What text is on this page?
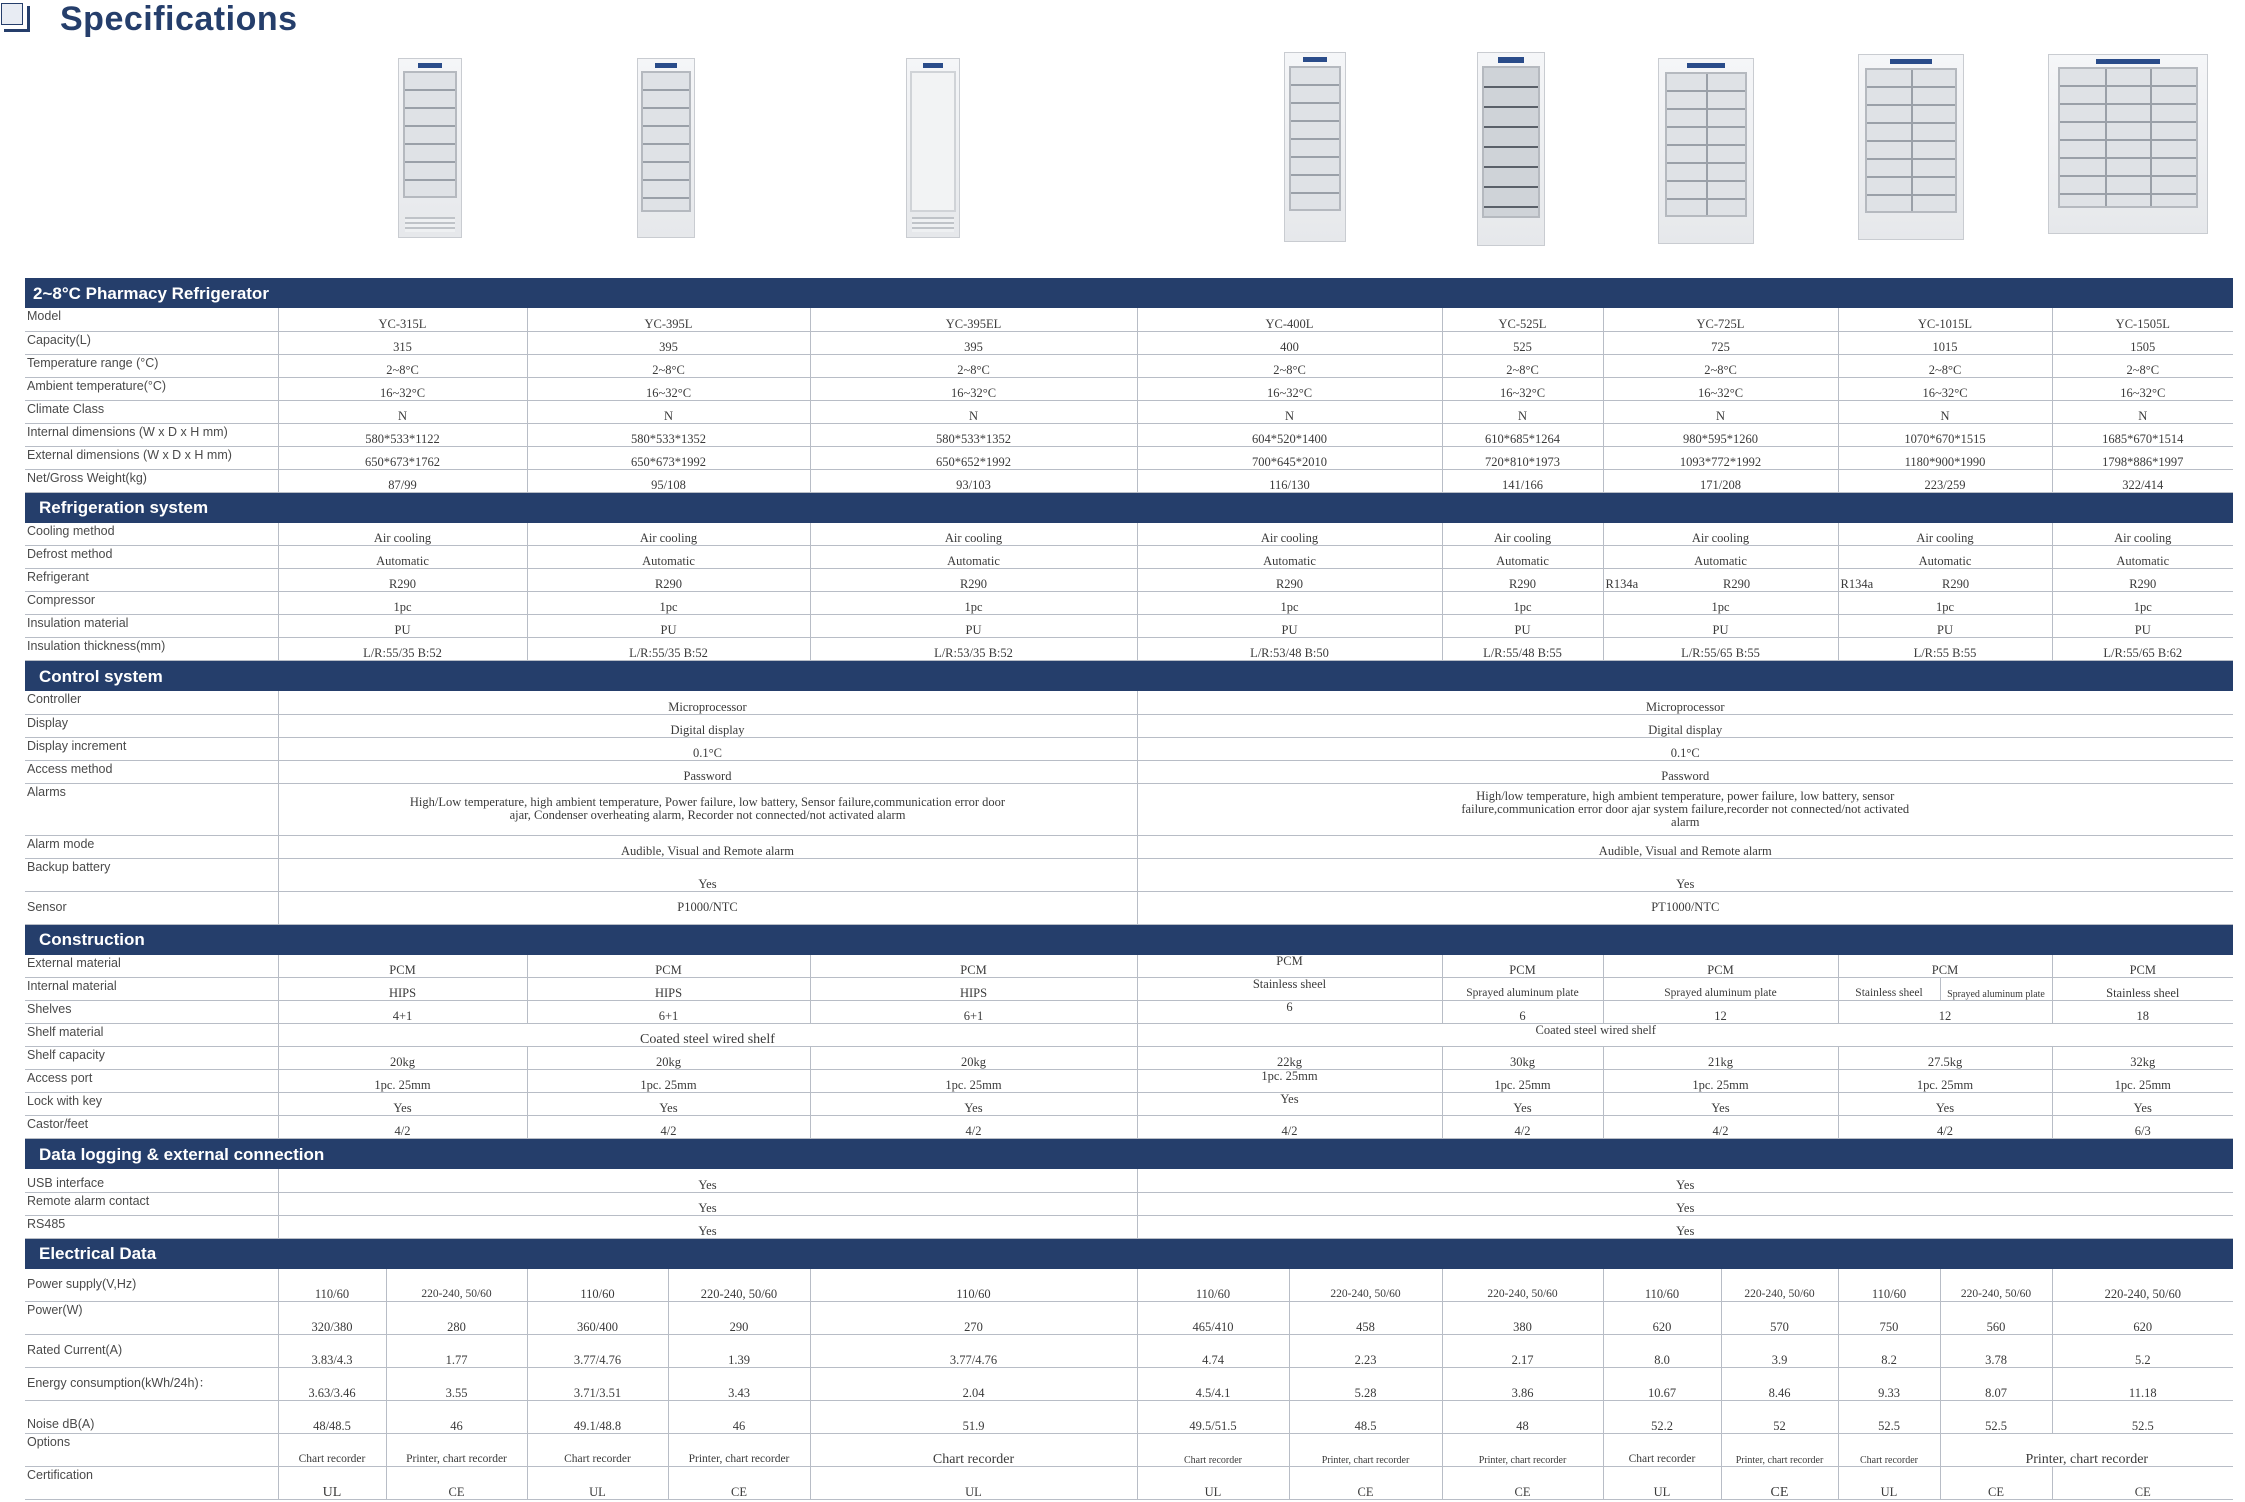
Specifications
2~8°C Pharmacy Refrigerator													
Model	YC-315L		YC-395L		YC-395EL	YC-400L		YC-525L	YC-725L		YC-1015L		YC-1505L
Capacity(L)	315		395		395	400		525	725		1015		1505
Temperature range (°C)	2~8°C		2~8°C		2~8°C	2~8°C		2~8°C	2~8°C		2~8°C		2~8°C
Ambient temperature(°C)	16~32°C		16~32°C		16~32°C	16~32°C		16~32°C	16~32°C		16~32°C		16~32°C
Climate Class	N		N		N	N		N	N		N		N
Internal dimensions (W x D x H mm)	580*533*1122		580*533*1352		580*533*1352	604*520*1400		610*685*1264	980*595*1260		1070*670*1515		1685*670*1514
External dimensions (W x D x H mm)	650*673*1762		650*673*1992		650*652*1992	700*645*2010		720*810*1973	1093*772*1992		1180*900*1990		1798*886*1997
Net/Gross Weight(kg)	87/99		95/108		93/103	116/130		141/166	171/208		223/259		322/414
Refrigeration system													
Cooling method	Air cooling		Air cooling		Air cooling	Air cooling		Air cooling	Air cooling		Air cooling		Air cooling
Defrost method	Automatic		Automatic		Automatic	Automatic		Automatic	Automatic		Automatic		Automatic
Refrigerant	R290		R290		R290	R290		R290	R134a	R290	R134a	R290	R290
Compressor	1pc		1pc		1pc	1pc		1pc	1pc		1pc		1pc
Insulation material	PU		PU		PU	PU		PU	PU		PU		PU
Insulation thickness(mm)	L/R:55/35 B:52		L/R:55/35 B:52		L/R:53/35 B:52	L/R:53/48 B:50		L/R:55/48 B:55	L/R:55/65 B:55		L/R:55 B:55		L/R:55/65 B:62
Control system													
Controller	Microprocessor					Microprocessor							
Display	Digital display					Digital display							
Display increment	0.1°C					0.1°C							
Access method	Password					Password							
Alarms	High/Low temperature, high ambient temperature, Power failure, low battery, Sensor failure,communication error door ajar, Condenser overheating alarm, Recorder not connected/not activated alarm					High/low temperature, high ambient temperature, power failure, low battery, sensor failure,communication error door ajar system failure,recorder not connected/not activated alarm							
Alarm mode	Audible, Visual and Remote alarm					Audible, Visual and Remote alarm							
Backup battery	Yes					Yes							
Sensor	P1000/NTC					PT1000/NTC							
Construction													
External material	PCM		PCM		PCM	PCM		PCM	PCM		PCM		PCM
Internal material	HIPS		HIPS		HIPS	Stainless sheel		Sprayed aluminum plate	Sprayed aluminum plate		Stainless sheel	Sprayed aluminum plate	Stainless sheel
Shelves	4+1		6+1		6+1	6		6	12		12		18
Shelf material	Coated steel wired shelf					Coated steel wired shelf							
Shelf capacity	20kg		20kg		20kg	22kg		30kg	21kg		27.5kg		32kg
Access port	1pc. 25mm		1pc. 25mm		1pc. 25mm	1pc. 25mm		1pc. 25mm	1pc. 25mm		1pc. 25mm		1pc. 25mm
Lock with key	Yes		Yes		Yes	Yes		Yes	Yes		Yes		Yes
Castor/feet	4/2		4/2		4/2	4/2		4/2	4/2		4/2		6/3
Data logging & external connection													
USB interface	Yes					Yes							
Remote alarm contact	Yes					Yes							
RS485	Yes					Yes							
Electrical Data													
Power supply(V,Hz)	110/60	220-240, 50/60	110/60	220-240, 50/60	110/60	110/60	220-240, 50/60	220-240, 50/60	110/60	220-240, 50/60	110/60	220-240, 50/60	220-240, 50/60
Power(W)	320/380	280	360/400	290	270	465/410	458	380	620	570	750	560	620
Rated Current(A)	3.83/4.3	1.77	3.77/4.76	1.39	3.77/4.76	4.74	2.23	2.17	8.0	3.9	8.2	3.78	5.2
Energy consumption(kWh/24h)：	3.63/3.46	3.55	3.71/3.51	3.43	2.04	4.5/4.1	5.28	3.86	10.67	8.46	9.33	8.07	11.18
Noise dB(A)	48/48.5	46	49.1/48.8	46	51.9	49.5/51.5	48.5	48	52.2	52	52.5	52.5	52.5
Options	Chart recorder	Printer, chart recorder	Chart recorder	Printer, chart recorder	Chart recorder	Chart recorder	Printer, chart recorder	Printer, chart recorder	Chart recorder	Printer, chart recorder	Chart recorder	Printer, chart recorder	
Certification	UL	CE	UL	CE	UL	UL	CE	CE	UL	CE	UL	CE	CE
